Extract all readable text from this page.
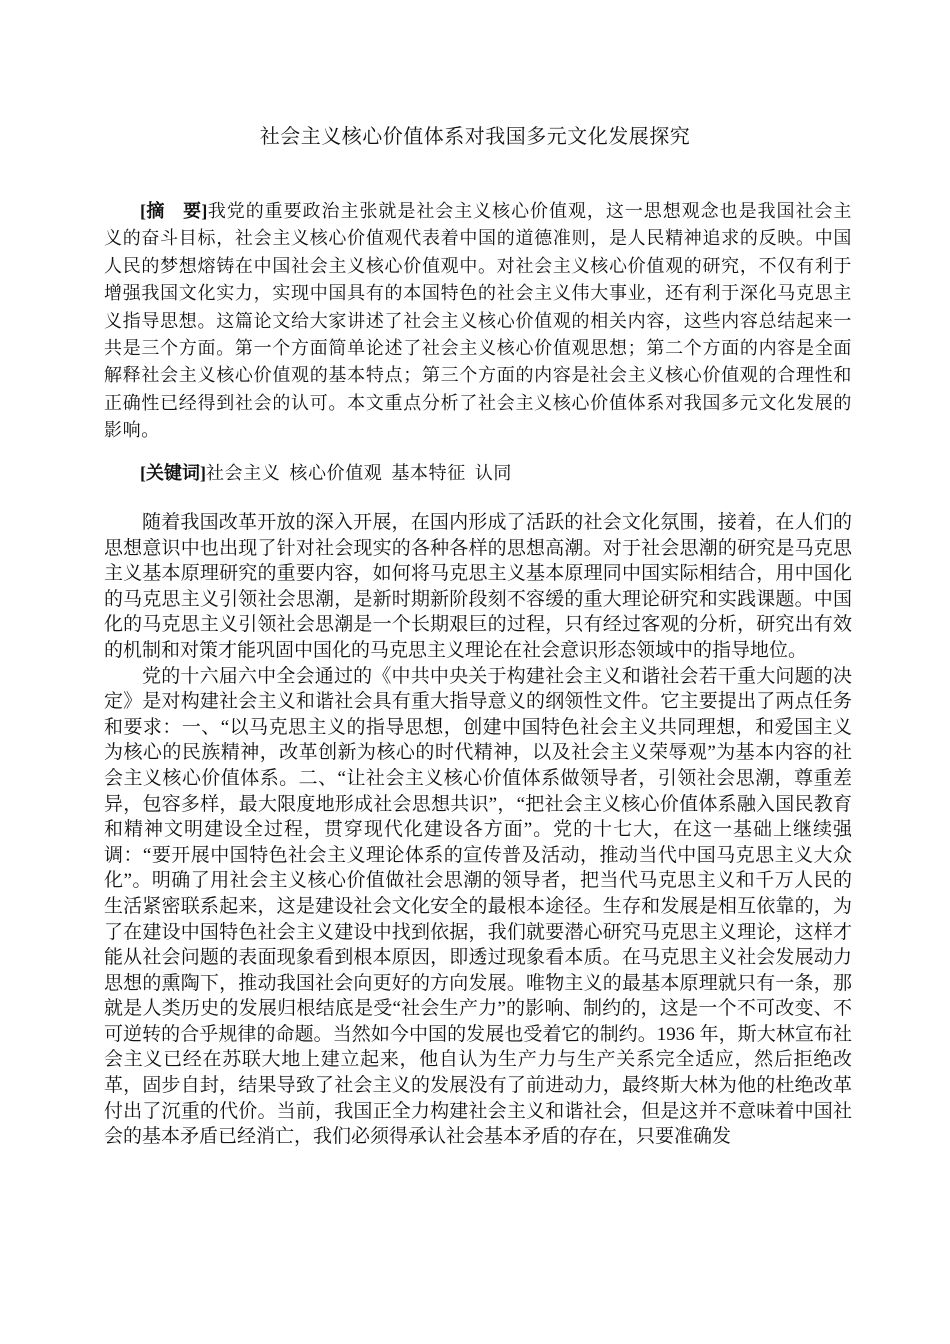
社会主义核心价值体系对我国多元文化发展探究
[摘　要]我党的重要政治主张就是社会主义核心价值观，这一思想观念也是我国社会主义的奋斗目标，社会主义核心价值观代表着中国的道德准则，是人民精神追求的反映。中国人民的梦想熔铸在中国社会主义核心价值观中。对社会主义核心价值观的研究，不仅有利于增强我国文化实力，实现中国具有的本国特色的社会主义伟大事业，还有利于深化马克思主义指导思想。这篇论文给大家讲述了社会主义核心价值观的相关内容，这些内容总结起来一共是三个方面。第一个方面简单论述了社会主义核心价值观思想；第二个方面的内容是全面解释社会主义核心价值观的基本特点；第三个方面的内容是社会主义核心价值观的合理性和正确性已经得到社会的认可。本文重点分析了社会主义核心价值体系对我国多元文化发展的影响。
[关键词]社会主义 核心价值观 基本特征 认同

随着我国改革开放的深入开展，在国内形成了活跃的社会文化氛围，接着，在人们的思想意识中也出现了针对社会现实的各种各样的思想高潮。对于社会思潮的研究是马克思主义基本原理研究的重要内容，如何将马克思主义基本原理同中国实际相结合，用中国化的马克思主义引领社会思潮，是新时期新阶段刻不容缓的重大理论研究和实践课题。中国化的马克思主义引领社会思潮是一个长期艰巨的过程，只有经过客观的分析，研究出有效的机制和对策才能巩固中国化的马克思主义理论在社会意识形态领域中的指导地位。

党的十六届六中全会通过的《中共中央关于构建社会主义和谐社会若干重大问题的决定》是对构建社会主义和谐社会具有重大指导意义的纲领性文件。它主要提出了两点任务和要求：一、“以马克思主义的指导思想，创建中国特色社会主义共同理想，和爱国主义为核心的民族精神，改革创新为核心的时代精神，以及社会主义荣辱观”为基本内容的社会主义核心价值体系。二、“让社会主义核心价值体系做领导者，引领社会思潮，尊重差异，包容多样，最大限度地形成社会思想共识”，“把社会主义核心价值体系融入国民教育和精神文明建设全过程，贯穿现代化建设各方面”。党的十七大，在这一基础上继续强调：“要开展中国特色社会主义理论体系的宣传普及活动，推动当代中国马克思主义大众化”。明确了用社会主义核心价值做社会思潮的领导者，把当代马克思主义和千万人民的生活紧密联系起来，这是建设社会文化安全的最根本途径。生存和发展是相互依靠的，为了在建设中国特色社会主义建设中找到依据，我们就要潜心研究马克思主义理论，这样才能从社会问题的表面现象看到根本原因，即透过现象看本质。在马克思主义社会发展动力思想的熏陶下，推动我国社会向更好的方向发展。唯物主义的最基本原理就只有一条，那就是人类历史的发展归根结底是受“社会生产力”的影响、制约的，这是一个不可改变、不可逆转的合乎规律的命题。当然如今中国的发展也受着它的制约。1936 年，斯大林宣布社会主义已经在苏联大地上建立起来，他自认为生产力与生产关系完全适应，然后拒绝改革，固步自封，结果导致了社会主义的发展没有了前进动力，最终斯大林为他的杜绝改革付出了沉重的代价。当前，我国正全力构建社会主义和谐社会，但是这并不意味着中国社会的基本矛盾已经消亡，我们必须得承认社会基本矛盾的存在，只要准确发
